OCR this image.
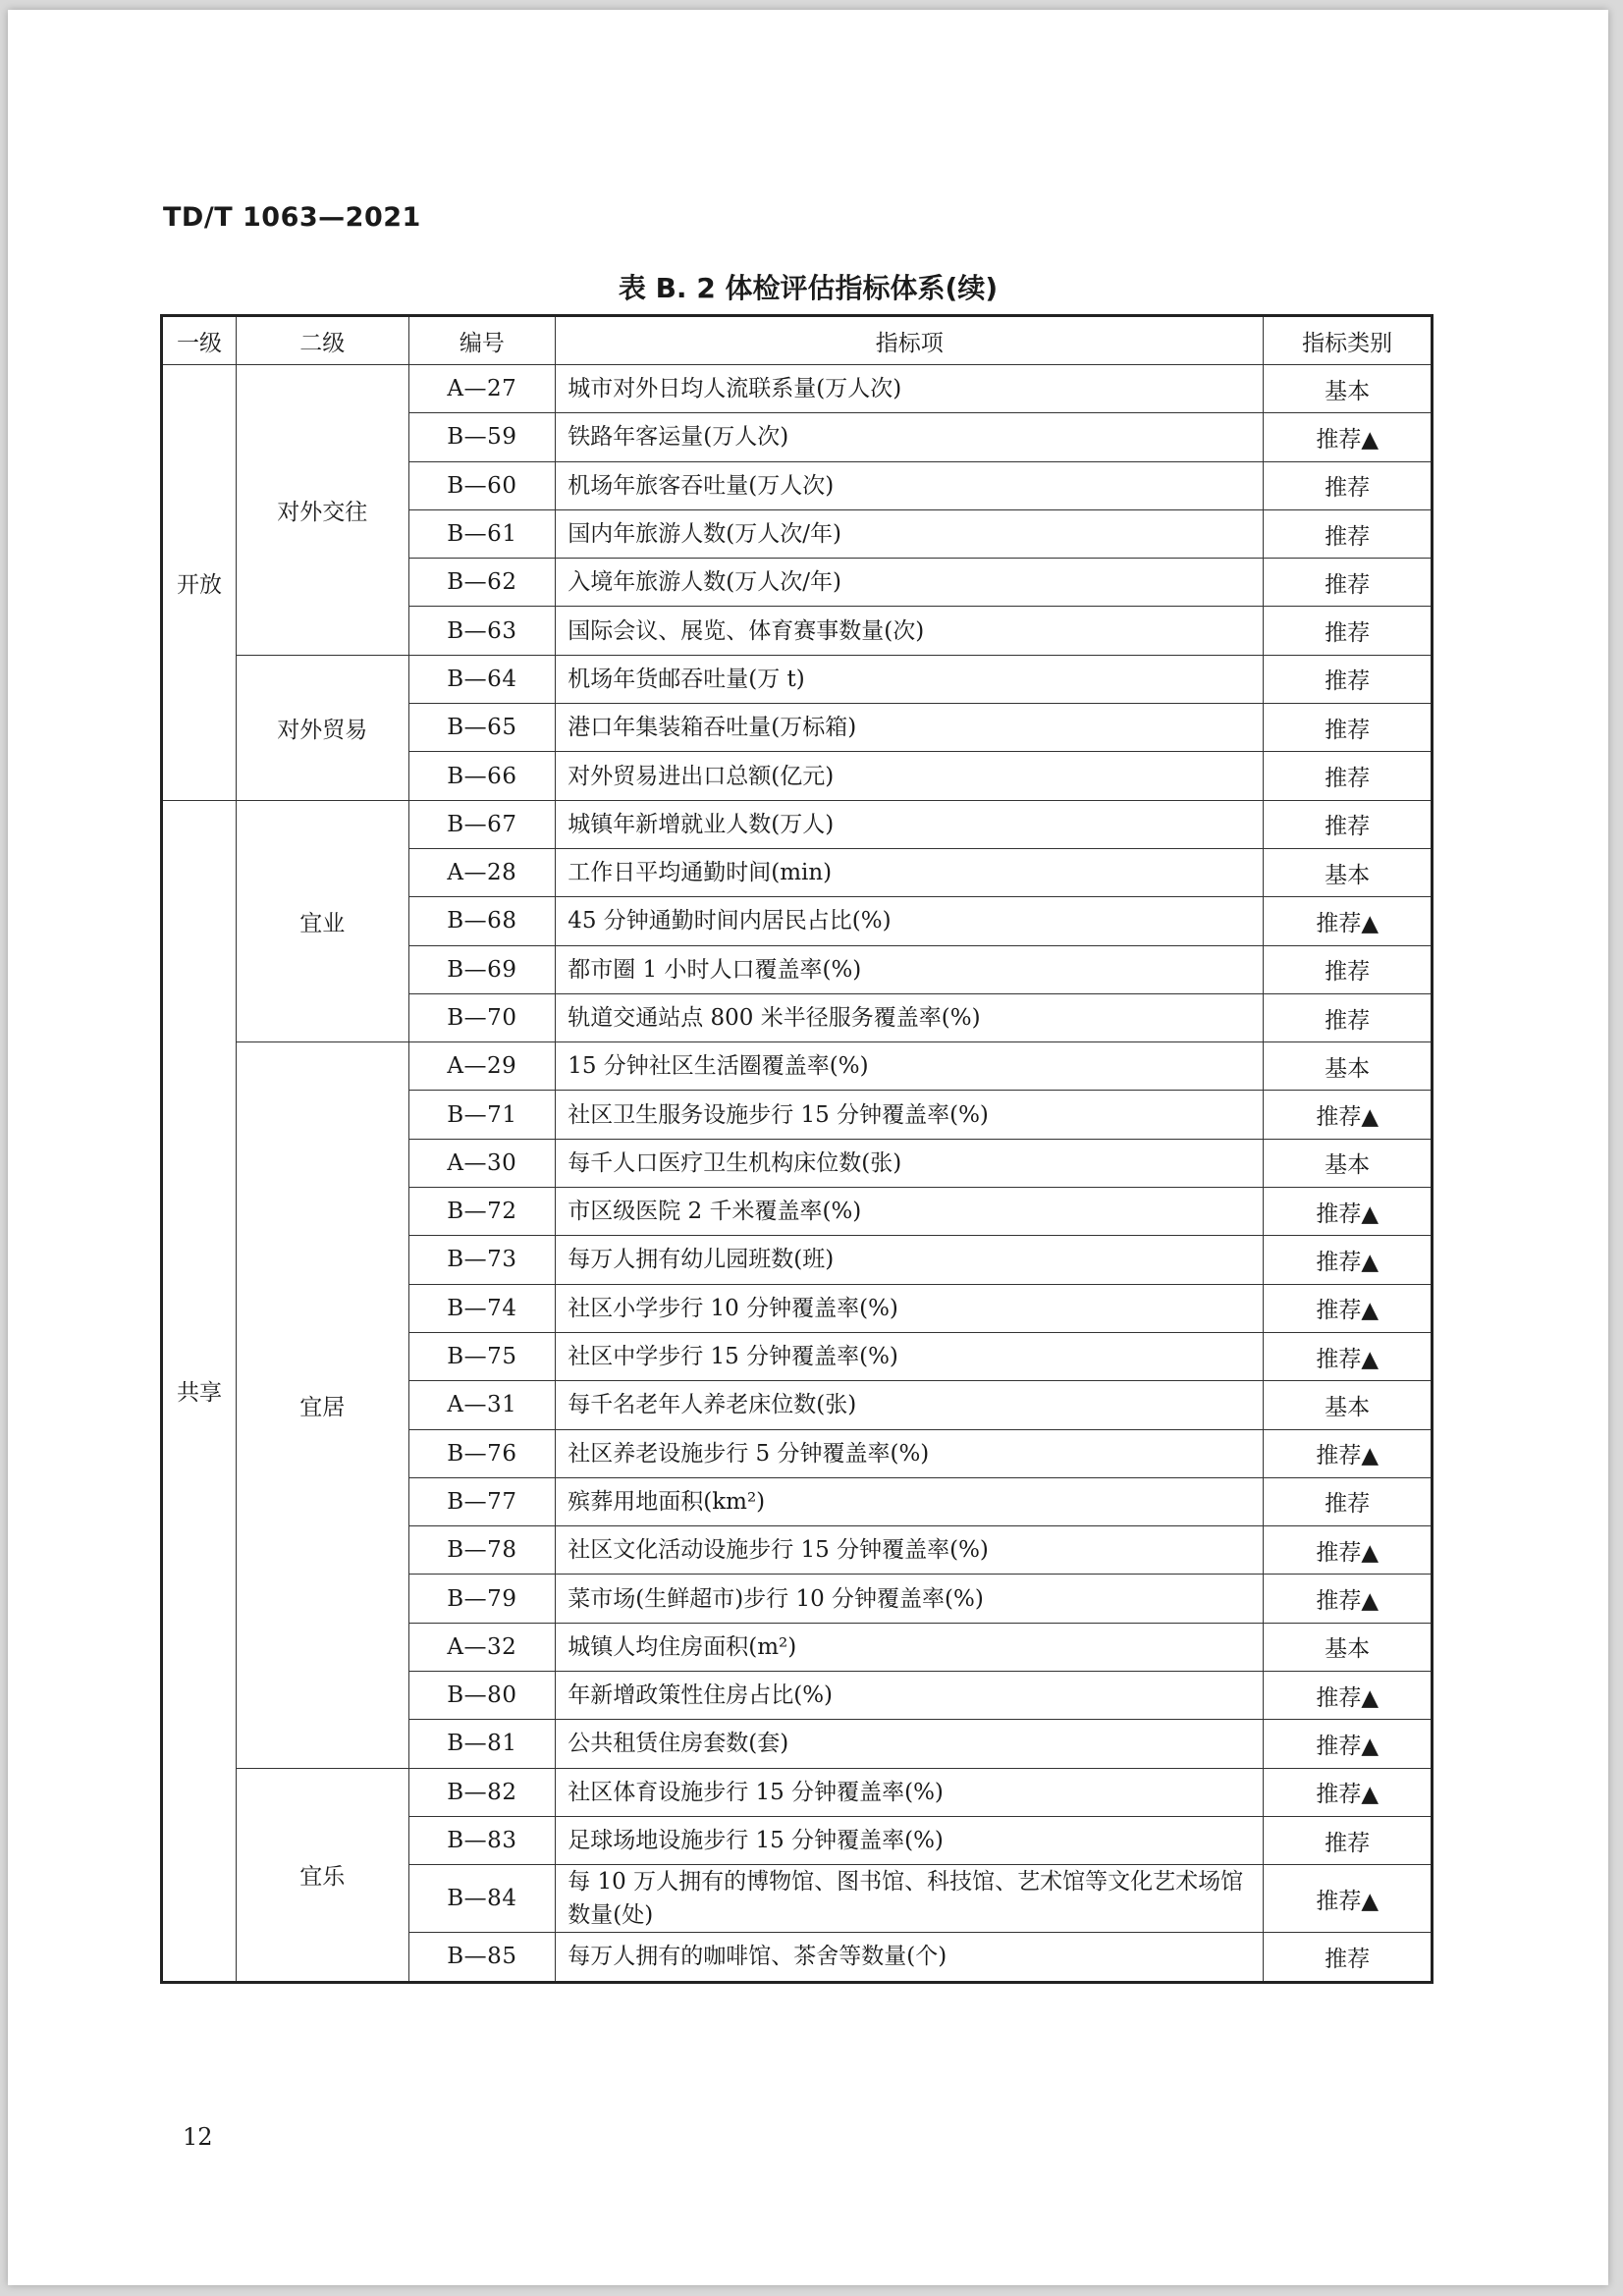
TD/T 1063—2021
表 B. 2 体检评估指标体系(续)
一级	二级	编号	指标项	指标类别
开放	对外交往	A—27	城市对外日均人流联系量(万人次)	基本
		B—59	铁路年客运量(万人次)	推荐▲
		B—60	机场年旅客吞吐量(万人次)	推荐
		B—61	国内年旅游人数(万人次/年)	推荐
		B—62	入境年旅游人数(万人次/年)	推荐
		B—63	国际会议、展览、体育赛事数量(次)	推荐
	对外贸易	B—64	机场年货邮吞吐量(万 t)	推荐
		B—65	港口年集装箱吞吐量(万标箱)	推荐
		B—66	对外贸易进出口总额(亿元)	推荐
共享	宜业	B—67	城镇年新增就业人数(万人)	推荐
		A—28	工作日平均通勤时间(min)	基本
		B—68	45 分钟通勤时间内居民占比(%)	推荐▲
		B—69	都市圈 1 小时人口覆盖率(%)	推荐
		B—70	轨道交通站点 800 米半径服务覆盖率(%)	推荐
	宜居	A—29	15 分钟社区生活圈覆盖率(%)	基本
		B—71	社区卫生服务设施步行 15 分钟覆盖率(%)	推荐▲
		A—30	每千人口医疗卫生机构床位数(张)	基本
		B—72	市区级医院 2 千米覆盖率(%)	推荐▲
		B—73	每万人拥有幼儿园班数(班)	推荐▲
		B—74	社区小学步行 10 分钟覆盖率(%)	推荐▲
		B—75	社区中学步行 15 分钟覆盖率(%)	推荐▲
		A—31	每千名老年人养老床位数(张)	基本
		B—76	社区养老设施步行 5 分钟覆盖率(%)	推荐▲
		B—77	殡葬用地面积(km²)	推荐
		B—78	社区文化活动设施步行 15 分钟覆盖率(%)	推荐▲
		B—79	菜市场(生鲜超市)步行 10 分钟覆盖率(%)	推荐▲
		A—32	城镇人均住房面积(m²)	基本
		B—80	年新增政策性住房占比(%)	推荐▲
		B—81	公共租赁住房套数(套)	推荐▲
	宜乐	B—82	社区体育设施步行 15 分钟覆盖率(%)	推荐▲
		B—83	足球场地设施步行 15 分钟覆盖率(%)	推荐
		B—84	每 10 万人拥有的博物馆、图书馆、科技馆、艺术馆等文化艺术场馆数量(处)	推荐▲
		B—85	每万人拥有的咖啡馆、茶舍等数量(个)	推荐
12
